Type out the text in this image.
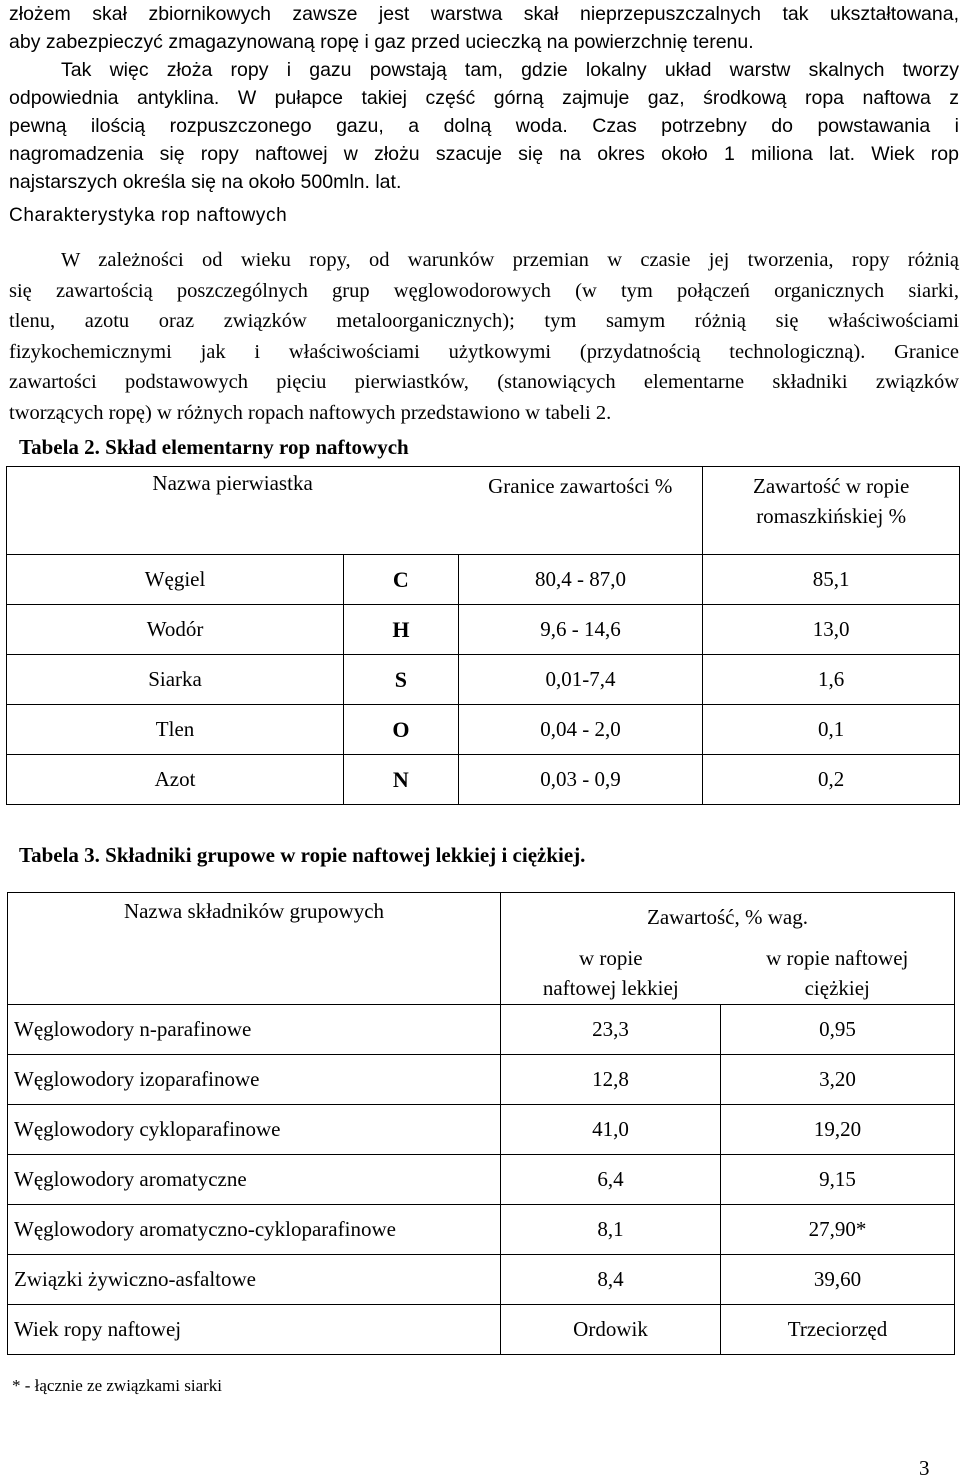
złożem skał zbiornikowych zawsze jest warstwa skał nieprzepuszczalnych tak ukształtowana,
aby zabezpieczyć zmagazynowaną ropę i gaz przed ucieczką na powierzchnię terenu.
Tak więc złoża ropy i gazu powstają tam, gdzie lokalny układ warstw skalnych tworzy
odpowiednia antyklina. W pułapce takiej część górną zajmuje gaz, środkową ropa naftowa z
pewną ilością rozpuszczonego gazu, a dolną woda. Czas potrzebny do powstawania i
nagromadzenia się ropy naftowej w złożu szacuje się na okres około 1 miliona lat. Wiek rop
najstarszych określa się na około 500mln. lat.
Charakterystyka rop naftowych
W zależności od wieku ropy, od warunków przemian w czasie jej tworzenia, ropy różnią
się zawartością poszczególnych grup węglowodorowych (w tym połączeń organicznych siarki,
tlenu, azotu oraz związków metaloorganicznych); tym samym różnią się właściwościami
fizykochemicznymi jak i właściwościami użytkowymi (przydatnością technologiczną). Granice
zawartości podstawowych pięciu pierwiastków, (stanowiących elementarne składniki związków
tworzących ropę) w różnych ropach naftowych przedstawiono w tabeli 2.
Tabela 2. Skład elementarny rop naftowych
Nazwa pierwiastka		Granice zawartości %	Zawartość w ropie romaszkińskiej %
Węgiel	C	80,4 - 87,0	85,1
Wodór	H	9,6 - 14,6	13,0
Siarka	S	0,01-7,4	1,6
Tlen	O	0,04 - 2,0	0,1
Azot	N	0,03 - 0,9	0,2
Tabela 3. Składniki grupowe w ropie naftowej lekkiej i ciężkiej.
Nazwa składników grupowych	Zawartość, % wag.	
	w ropie naftowej lekkiej	w ropie naftowej ciężkiej
Węglowodory n-parafinowe	23,3	0,95
Węglowodory izoparafinowe	12,8	3,20
Węglowodory cykloparafinowe	41,0	19,20
Węglowodory aromatyczne	6,4	9,15
Węglowodory aromatyczno-cykloparafinowe	8,1	27,90*
Związki żywiczno-asfaltowe	8,4	39,60
Wiek ropy naftowej	Ordowik	Trzeciorzęd
* - łącznie ze związkami siarki
3
